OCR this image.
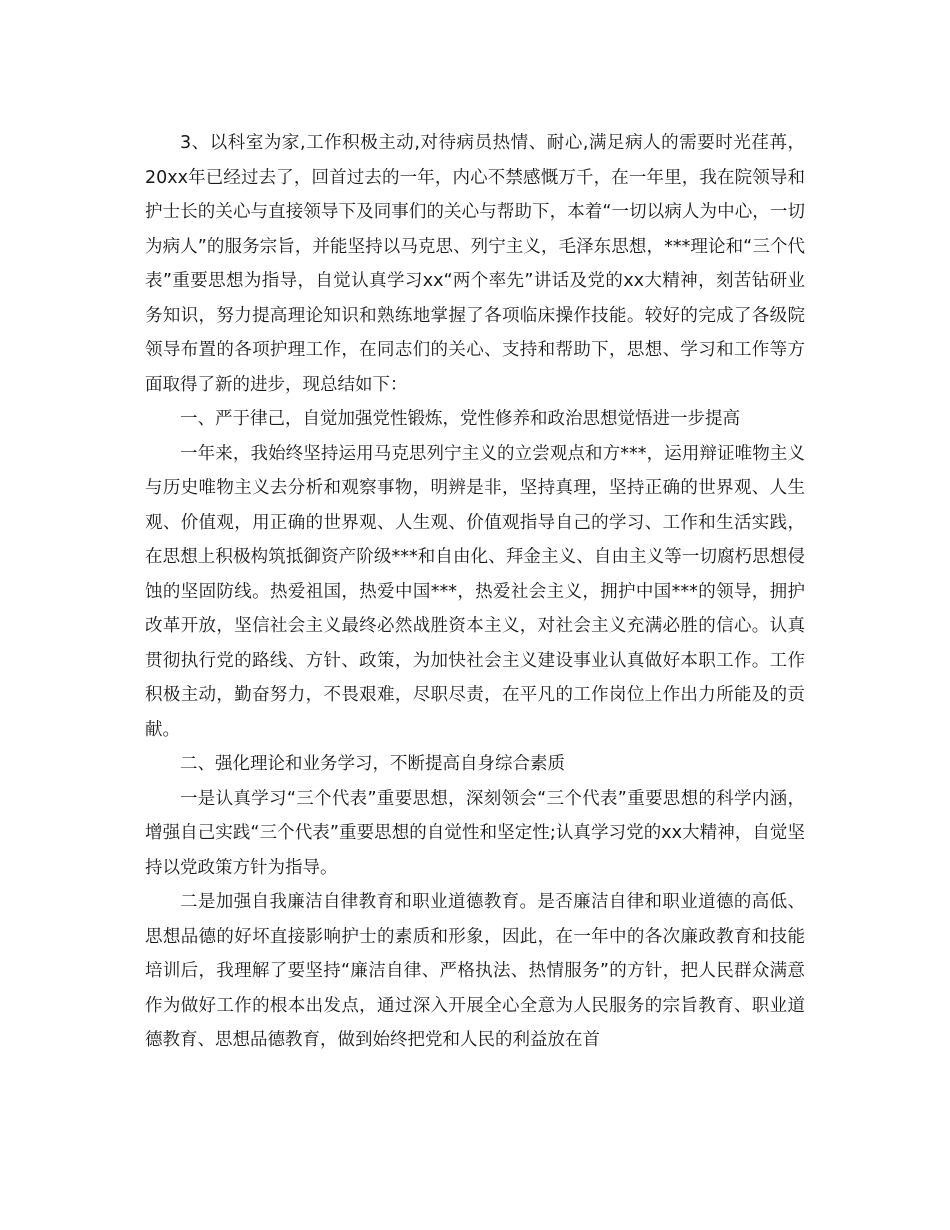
3、以科室为家,工作积极主动,对待病员热情、耐心,满足病人的需要时光荏苒，20xx年已经过去了，回首过去的一年，内心不禁感慨万千，在一年里，我在院领导和护士长的关心与直接领导下及同事们的关心与帮助下，本着“一切以病人为中心，一切为病人”的服务宗旨，并能坚持以马克思、列宁主义，毛泽东思想，***理论和“三个代表”重要思想为指导，自觉认真学习xx“两个率先”讲话及党的xx大精神，刻苦钻研业务知识，努力提高理论知识和熟练地掌握了各项临床操作技能。较好的完成了各级院领导布置的各项护理工作，在同志们的关心、支持和帮助下，思想、学习和工作等方面取得了新的进步，现总结如下：

一、严于律己，自觉加强党性锻炼，党性修养和政治思想觉悟进一步提高

一年来，我始终坚持运用马克思列宁主义的立尝观点和方***，运用辩证唯物主义与历史唯物主义去分析和观察事物，明辨是非，坚持真理，坚持正确的世界观、人生观、价值观，用正确的世界观、人生观、价值观指导自己的学习、工作和生活实践，在思想上积极构筑抵御资产阶级***和自由化、拜金主义、自由主义等一切腐朽思想侵蚀的坚固防线。热爱祖国，热爱中国***，热爱社会主义，拥护中国***的领导，拥护改革开放，坚信社会主义最终必然战胜资本主义，对社会主义充满必胜的信心。认真贯彻执行党的路线、方针、政策，为加快社会主义建设事业认真做好本职工作。工作积极主动，勤奋努力，不畏艰难，尽职尽责，在平凡的工作岗位上作出力所能及的贡献。

二、强化理论和业务学习，不断提高自身综合素质

一是认真学习“三个代表”重要思想，深刻领会“三个代表”重要思想的科学内涵，增强自己实践“三个代表”重要思想的自觉性和坚定性;认真学习党的xx大精神，自觉坚持以党政策方针为指导。

二是加强自我廉洁自律教育和职业道德教育。是否廉洁自律和职业道德的高低、思想品德的好坏直接影响护士的素质和形象，因此，在一年中的各次廉政教育和技能培训后，我理解了要坚持“廉洁自律、严格执法、热情服务”的方针，把人民群众满意作为做好工作的根本出发点，通过深入开展全心全意为人民服务的宗旨教育、职业道德教育、思想品德教育，做到始终把党和人民的利益放在首
